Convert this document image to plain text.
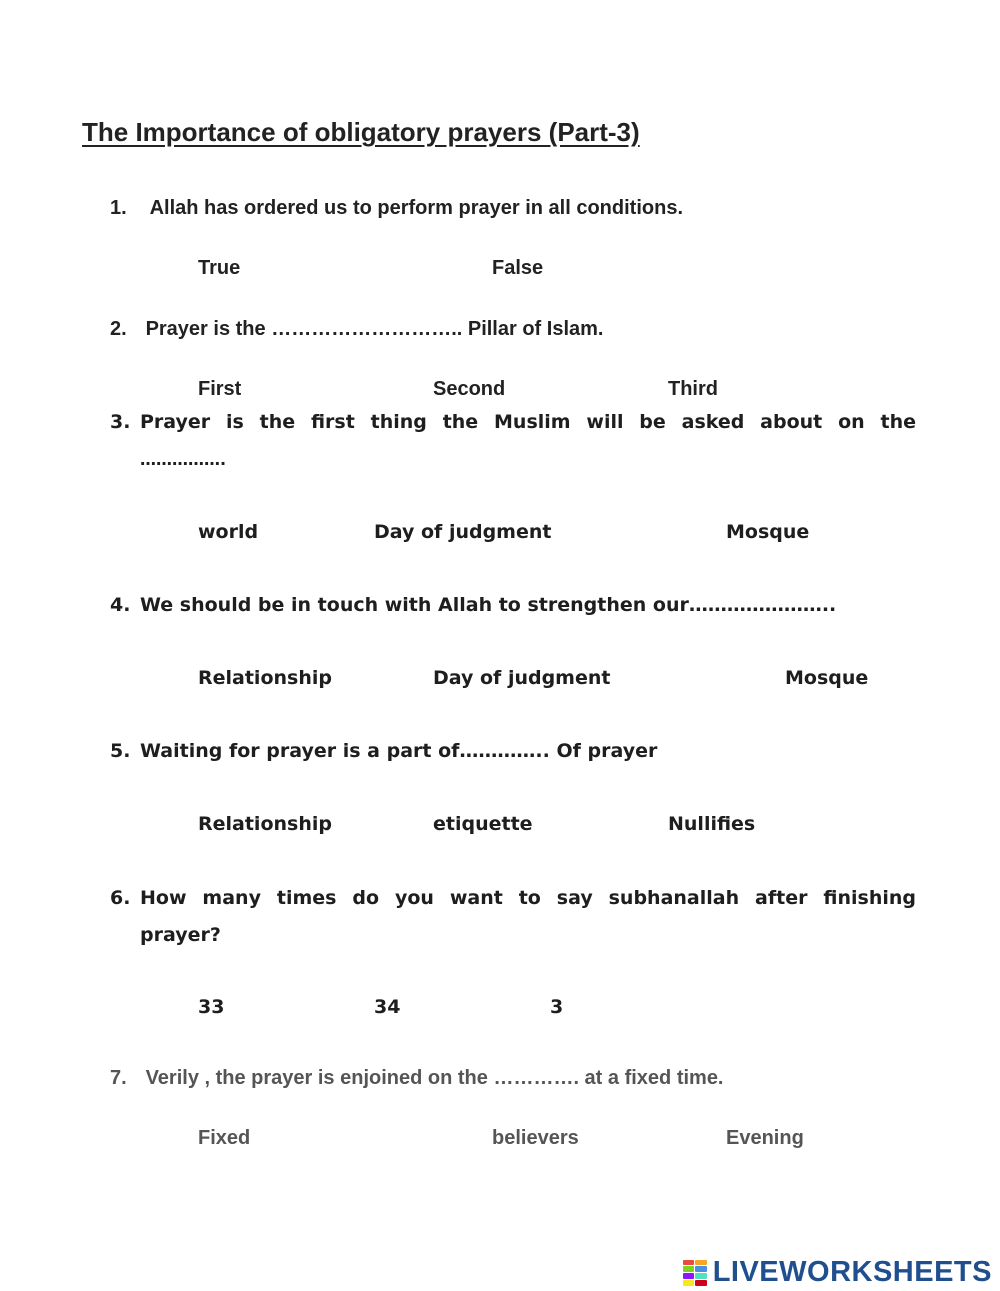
The Importance of obligatory prayers (Part-3)
1. Allah has ordered us to perform prayer in all conditions.
True	False
2. Prayer is the ……………………….. Pillar of Islam.
First	Second	Third
3. Prayer is the first thing the Muslim will be asked about on the
…………….
world	Day of judgment	Mosque
4. We should be in touch with Allah to strengthen our…………………..
Relationship	Day of judgment	Mosque
5. Waiting for prayer is a part of………….. Of prayer
Relationship	etiquette	Nullifies
6. How many times do you want to say subhanallah after finishing
prayer?
33	34	3
7. Verily , the prayer is enjoined on the …………. at a fixed time.
Fixed	believers	Evening
LIVEWORKSHEETS
